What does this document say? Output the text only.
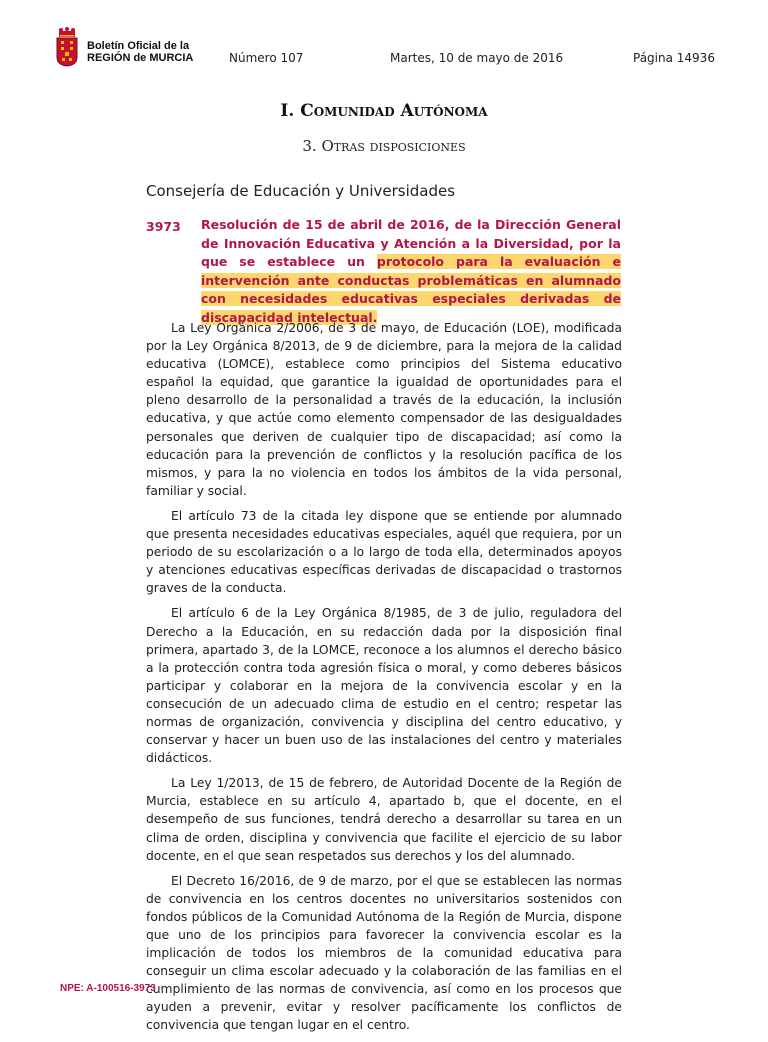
Boletín Oficial de la
REGIÓN de MURCIA	Número 107	Martes, 10 de mayo de 2016	Página 14936
I. Comunidad Autónoma
3. Otras disposiciones
Consejería de Educación y Universidades
3973 Resolución de 15 de abril de 2016, de la Dirección General de Innovación Educativa y Atención a la Diversidad, por la que se establece un protocolo para la evaluación e intervención ante conductas problemáticas en alumnado con necesidades educativas especiales derivadas de discapacidad intelectual.

La Ley Orgánica 2/2006, de 3 de mayo, de Educación (LOE), modificada por la Ley Orgánica 8/2013, de 9 de diciembre, para la mejora de la calidad educativa (LOMCE), establece como principios del Sistema educativo español la equidad, que garantice la igualdad de oportunidades para el pleno desarrollo de la personalidad a través de la educación, la inclusión educativa, y que actúe como elemento compensador de las desigualdades personales que deriven de cualquier tipo de discapacidad; así como la educación para la prevención de conflictos y la resolución pacífica de los mismos, y para la no violencia en todos los ámbitos de la vida personal, familiar y social.

El artículo 73 de la citada ley dispone que se entiende por alumnado que presenta necesidades educativas especiales, aquél que requiera, por un periodo de su escolarización o a lo largo de toda ella, determinados apoyos y atenciones educativas específicas derivadas de discapacidad o trastornos graves de la conducta.

El artículo 6 de la Ley Orgánica 8/1985, de 3 de julio, reguladora del Derecho a la Educación, en su redacción dada por la disposición final primera, apartado 3, de la LOMCE, reconoce a los alumnos el derecho básico a la protección contra toda agresión física o moral, y como deberes básicos participar y colaborar en la mejora de la convivencia escolar y en la consecución de un adecuado clima de estudio en el centro; respetar las normas de organización, convivencia y disciplina del centro educativo, y conservar y hacer un buen uso de las instalaciones del centro y materiales didácticos.

La Ley 1/2013, de 15 de febrero, de Autoridad Docente de la Región de Murcia, establece en su artículo 4, apartado b, que el docente, en el desempeño de sus funciones, tendrá derecho a desarrollar su tarea en un clima de orden, disciplina y convivencia que facilite el ejercicio de su labor docente, en el que sean respetados sus derechos y los del alumnado.

El Decreto 16/2016, de 9 de marzo, por el que se establecen las normas de convivencia en los centros docentes no universitarios sostenidos con fondos públicos de la Comunidad Autónoma de la Región de Murcia, dispone que uno de los principios para favorecer la convivencia escolar es la implicación de todos los miembros de la comunidad educativa para conseguir un clima escolar adecuado y la colaboración de las familias en el cumplimiento de las normas de convivencia, así como en los procesos que ayuden a prevenir, evitar y resolver pacíficamente los conflictos de convivencia que tengan lugar en el centro.

NPE: A-100516-3973
